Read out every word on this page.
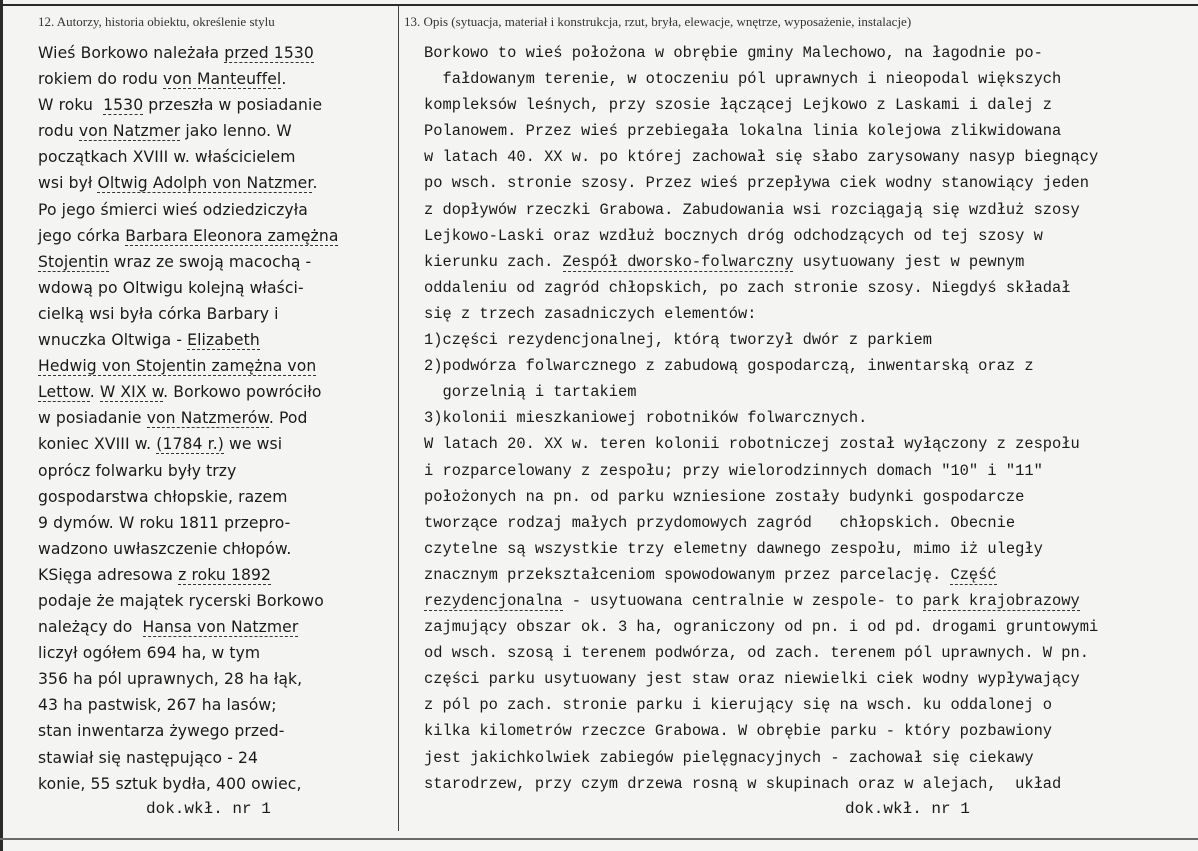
12. Autorzy, historia obiektu, określenie stylu	13. Opis (sytuacja, materiał i konstrukcja, rzut, bryła, elewacje, wnętrze, wyposażenie, instalacje)
Wieś Borkowo należała przed 1530
rokiem do rodu von Manteuffel.
W roku  1530 przeszła w posiadanie
rodu von Natzmer jako lenno. W
początkach XVIII w. właścicielem
wsi był Oltwig Adolph von Natzmer.
Po jego śmierci wieś odziedziczyła
jego córka Barbara Eleonora zamężna
Stojentin wraz ze swoją macochą -
wdową po Oltwigu kolejną właści-
cielką wsi była córka Barbary i
wnuczka Oltwiga - Elizabeth
Hedwig von Stojentin zamężna von
Lettow. W XIX w. Borkowo powróciło
w posiadanie von Natzmerów. Pod
koniec XVIII w. (1784 r.) we wsi
oprócz folwarku były trzy
gospodarstwa chłopskie, razem
9 dymów. W roku 1811 przepro-
wadzono uwłaszczenie chłopów.
KSięga adresowa z roku 1892
podaje że majątek rycerski Borkowo
należący do  Hansa von Natzmer
liczył ogółem 694 ha, w tym
356 ha pól uprawnych, 28 ha łąk,
43 ha pastwisk, 267 ha lasów;
stan inwentarza żywego przed-
stawiał się następująco - 24
konie, 55 sztuk bydła, 400 owiec,
Borkowo to wieś położona w obrębie gminy Malechowo, na łagodnie po-
fałdowanym terenie, w otoczeniu pól uprawnych i nieopodal większych
kompleksów leśnych, przy szosie łączącej Lejkowo z Laskami i dalej z
Polanowem. Przez wieś przebiegała lokalna linia kolejowa zlikwidowana
w latach 40. XX w. po której zachował się słabo zarysowany nasyp biegnący
po wsch. stronie szosy. Przez wieś przepływa ciek wodny stanowiący jeden
z dopływów rzeczki Grabowa. Zabudowania wsi rozciągają się wzdłuż szosy
Lejkowo-Laski oraz wzdłuż bocznych dróg odchodzących od tej szosy w
kierunku zach. Zespół dworsko-folwarczny usytuowany jest w pewnym
oddaleniu od zagród chłopskich, po zach stronie szosy. Niegdyś składał
się z trzech zasadniczych elementów:
1)części rezydencjonalnej, którą tworzył dwór z parkiem
2)podwórza folwarcznego z zabudową gospodarczą, inwentarską oraz z
gorzelnią i tartakiem
3)kolonii mieszkaniowej robotników folwarcznych.
W latach 20. XX w. teren kolonii robotniczej został wyłączony z zespołu
i rozparcelowany z zespołu; przy wielorodzinnych domach "10" i "11"
położonych na pn. od parku wzniesione zostały budynki gospodarcze
tworzące rodzaj małych przydomowych zagród   chłopskich. Obecnie
czytelne są wszystkie trzy elemetny dawnego zespołu, mimo iż uległy
znacznym przekształceniom spowodowanym przez parcelację. Część
rezydencjonalna - usytuowana centralnie w zespole- to park krajobrazowy
zajmujący obszar ok. 3 ha, ograniczony od pn. i od pd. drogami gruntowymi
od wsch. szosą i terenem podwórza, od zach. terenem pól uprawnych. W pn.
części parku usytuowany jest staw oraz niewielki ciek wodny wypływający
z pól po zach. stronie parku i kierujący się na wsch. ku oddalonej o
kilka kilometrów rzeczce Grabowa. W obrębie parku - który pozbawiony
jest jakichkolwiek zabiegów pielęgnacyjnych - zachował się ciekawy
starodrzew, przy czym drzewa rosną w skupinach oraz w alejach,  układ
dok.wkł. nr 1	dok.wkł. nr 1
